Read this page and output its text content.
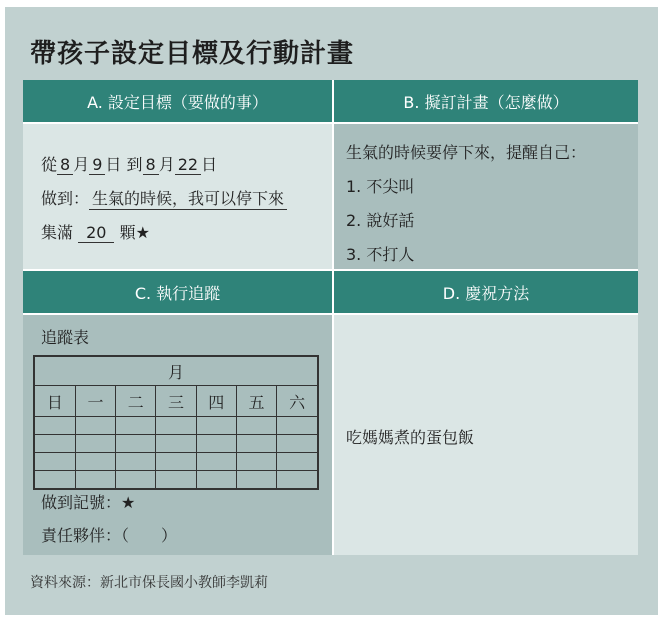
帶孩子設定目標及行動計畫
A. 設定目標（要做的事）	B. 擬訂計畫（怎麼做）
從 8 月 9 日 到 8 月 22 日
做到： 生氣的時候，我可以停下來
集滿 20 顆★
生氣的時候要停下來，提醒自己：
1. 不尖叫
2. 說好話
3. 不打人
C. 執行追蹤	D. 慶祝方法
追蹤表
月						
日	一	二	三	四	五	六

做到記號：★
責任夥伴：（　　）
吃媽媽煮的蛋包飯
資料來源：新北市保長國小教師李凱莉
